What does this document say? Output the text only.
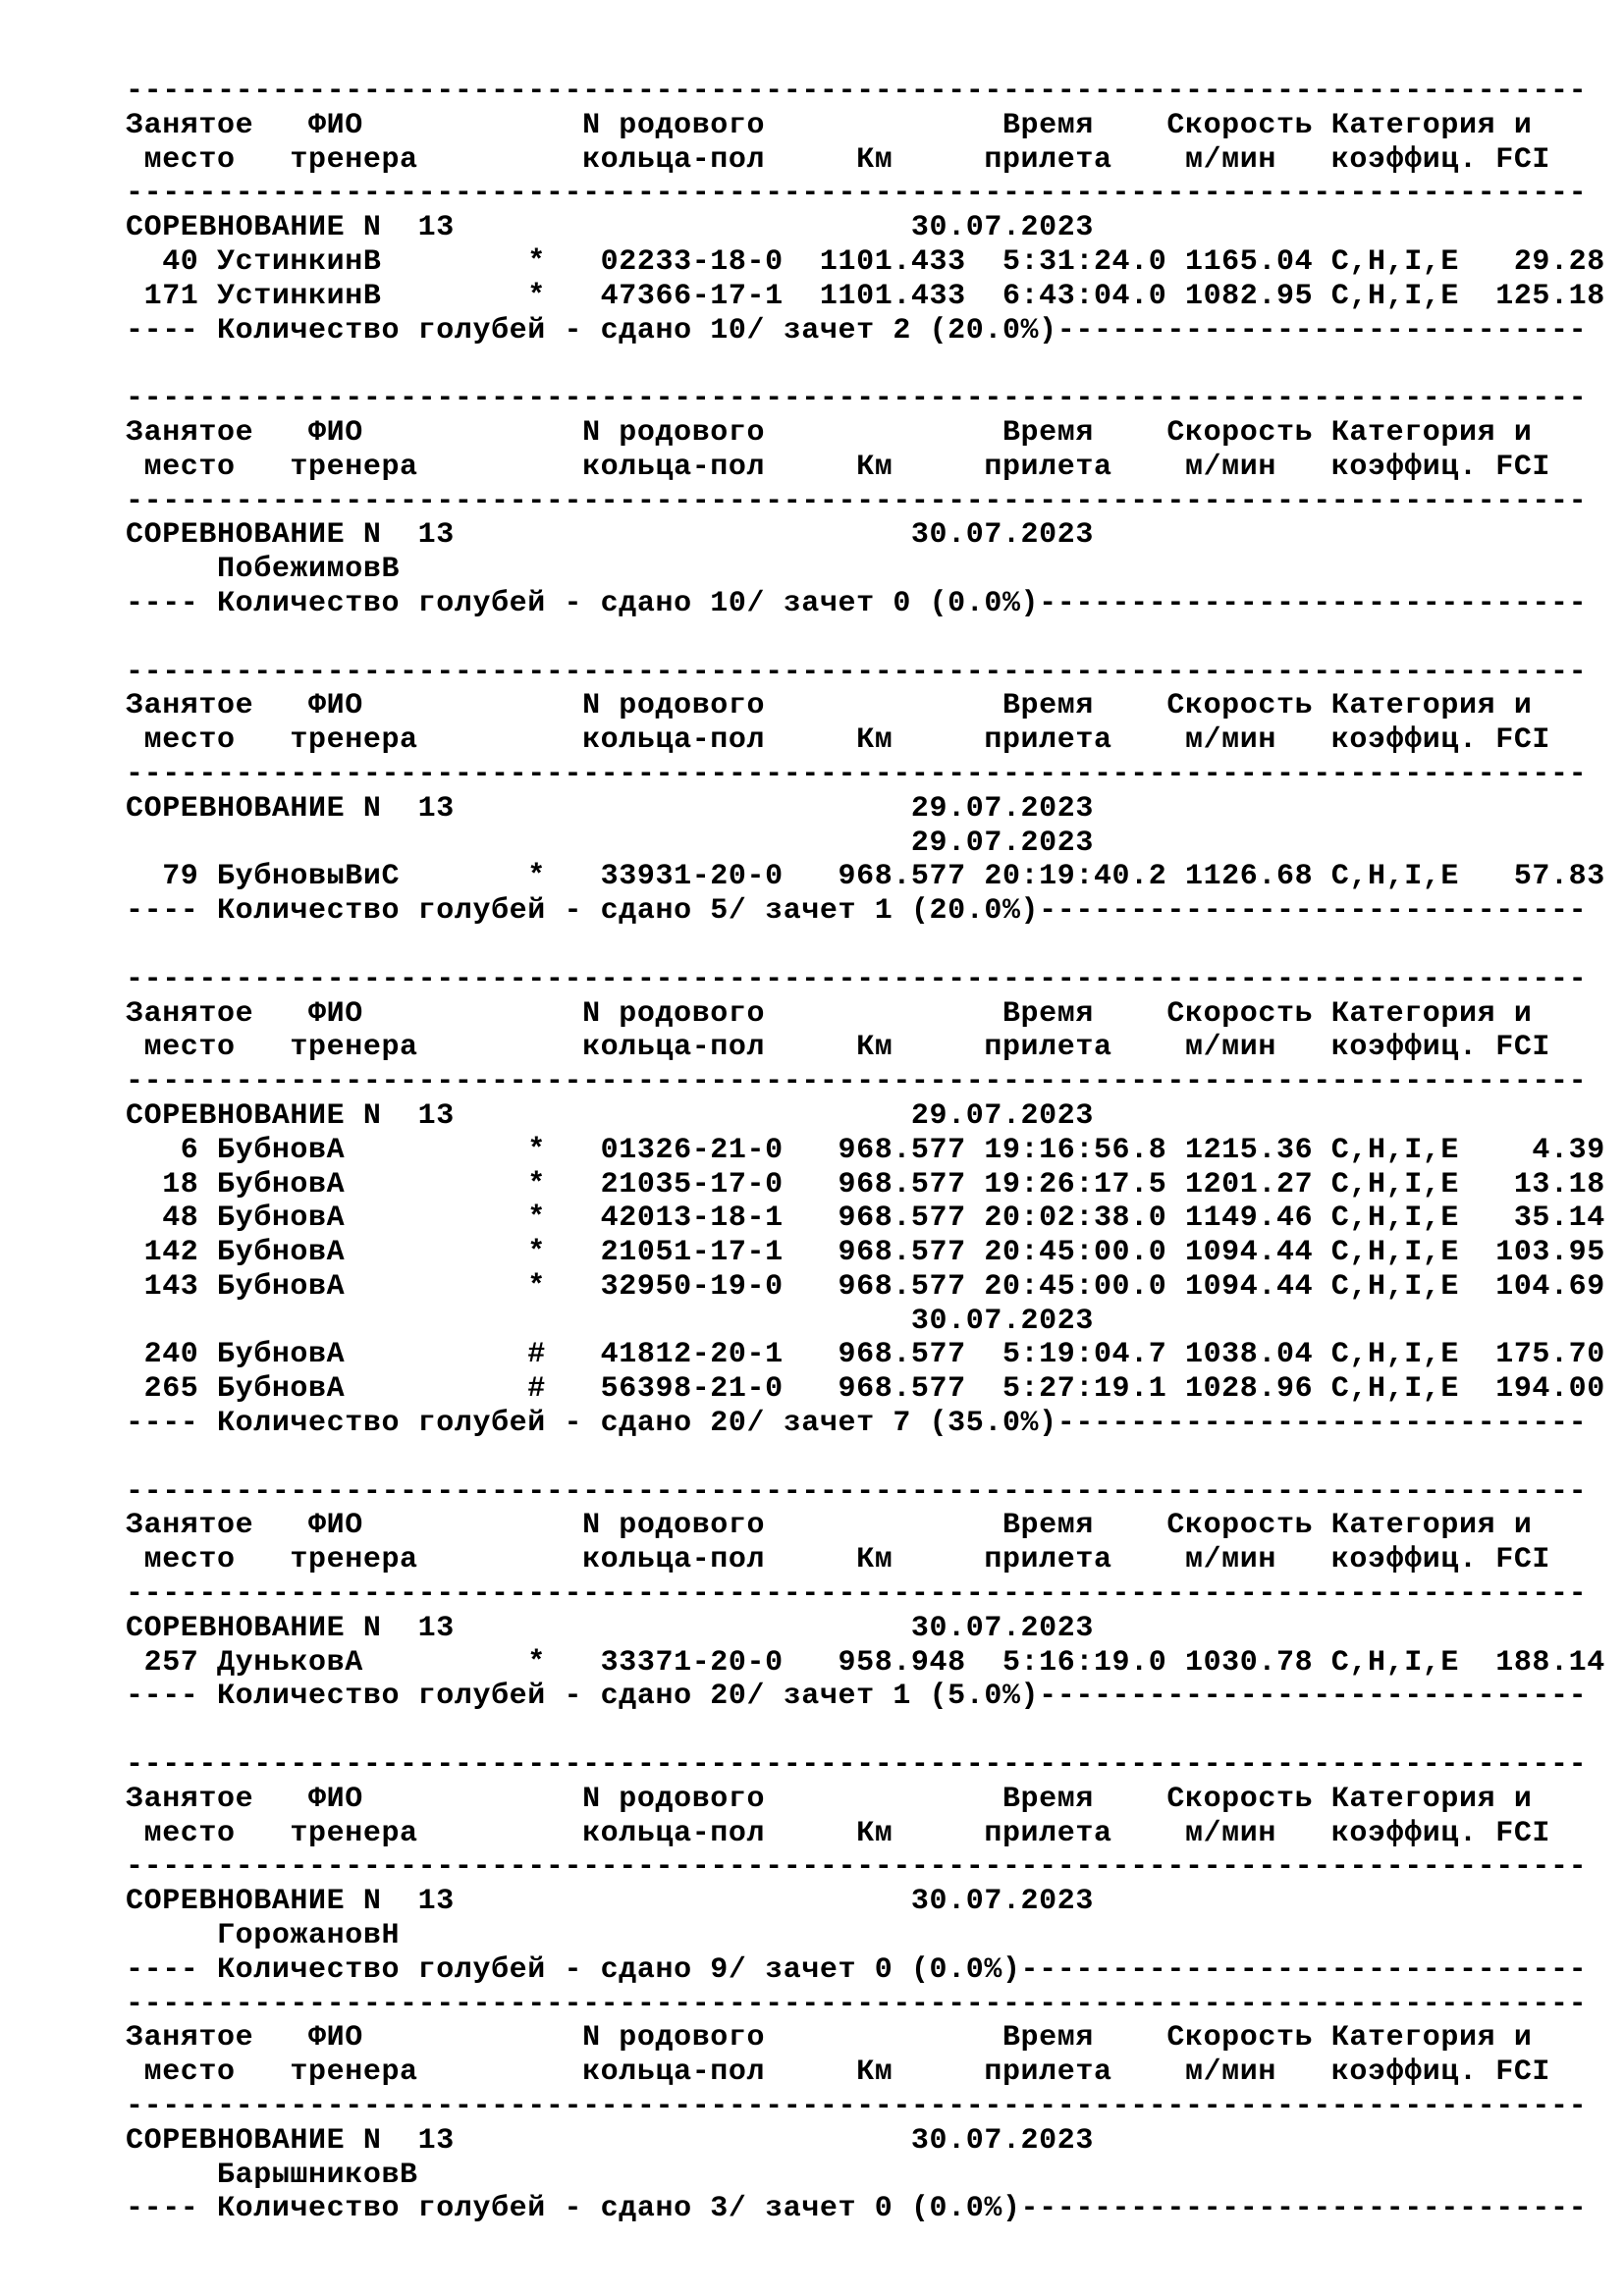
--------------------------------------------------------------------------------
Занятое   ФИО            N родового             Время    Скорость Категория и
место   тренера         кольца-пол     Км     прилета    м/мин   коэффиц. FCI
--------------------------------------------------------------------------------
СОРЕВНОВАНИЕ N  13                         30.07.2023
40 УстинкинВ        *   02233-18-0  1101.433  5:31:24.0 1165.04 C,H,I,E   29.28
171 УстинкинВ        *   47366-17-1  1101.433  6:43:04.0 1082.95 C,H,I,E  125.18
---- Количество голубей - сдано 10/ зачет 2 (20.0%)-----------------------------
--------------------------------------------------------------------------------
Занятое   ФИО            N родового             Время    Скорость Категория и
место   тренера         кольца-пол     Км     прилета    м/мин   коэффиц. FCI
--------------------------------------------------------------------------------
СОРЕВНОВАНИЕ N  13                         30.07.2023
ПобежимовВ
---- Количество голубей - сдано 10/ зачет 0 (0.0%)------------------------------
--------------------------------------------------------------------------------
Занятое   ФИО            N родового             Время    Скорость Категория и
место   тренера         кольца-пол     Км     прилета    м/мин   коэффиц. FCI
--------------------------------------------------------------------------------
СОРЕВНОВАНИЕ N  13                         29.07.2023
29.07.2023
79 БубновыВиС       *   33931-20-0   968.577 20:19:40.2 1126.68 C,H,I,E   57.83
---- Количество голубей - сдано 5/ зачет 1 (20.0%)------------------------------
--------------------------------------------------------------------------------
Занятое   ФИО            N родового             Время    Скорость Категория и
место   тренера         кольца-пол     Км     прилета    м/мин   коэффиц. FCI
--------------------------------------------------------------------------------
СОРЕВНОВАНИЕ N  13                         29.07.2023
6 БубновА          *   01326-21-0   968.577 19:16:56.8 1215.36 C,H,I,E    4.39
18 БубновА          *   21035-17-0   968.577 19:26:17.5 1201.27 C,H,I,E   13.18
48 БубновА          *   42013-18-1   968.577 20:02:38.0 1149.46 C,H,I,E   35.14
142 БубновА          *   21051-17-1   968.577 20:45:00.0 1094.44 C,H,I,E  103.95
143 БубновА          *   32950-19-0   968.577 20:45:00.0 1094.44 C,H,I,E  104.69
30.07.2023
240 БубновА          #   41812-20-1   968.577  5:19:04.7 1038.04 C,H,I,E  175.70
265 БубновА          #   56398-21-0   968.577  5:27:19.1 1028.96 C,H,I,E  194.00
---- Количество голубей - сдано 20/ зачет 7 (35.0%)-----------------------------
--------------------------------------------------------------------------------
Занятое   ФИО            N родового             Время    Скорость Категория и
место   тренера         кольца-пол     Км     прилета    м/мин   коэффиц. FCI
--------------------------------------------------------------------------------
СОРЕВНОВАНИЕ N  13                         30.07.2023
257 ДуньковА         *   33371-20-0   958.948  5:16:19.0 1030.78 C,H,I,E  188.14
---- Количество голубей - сдано 20/ зачет 1 (5.0%)------------------------------
--------------------------------------------------------------------------------
Занятое   ФИО            N родового             Время    Скорость Категория и
место   тренера         кольца-пол     Км     прилета    м/мин   коэффиц. FCI
--------------------------------------------------------------------------------
СОРЕВНОВАНИЕ N  13                         30.07.2023
ГорожановН
---- Количество голубей - сдано 9/ зачет 0 (0.0%)-------------------------------
--------------------------------------------------------------------------------
Занятое   ФИО            N родового             Время    Скорость Категория и
место   тренера         кольца-пол     Км     прилета    м/мин   коэффиц. FCI
--------------------------------------------------------------------------------
СОРЕВНОВАНИЕ N  13                         30.07.2023
БарышниковВ
---- Количество голубей - сдано 3/ зачет 0 (0.0%)-------------------------------
